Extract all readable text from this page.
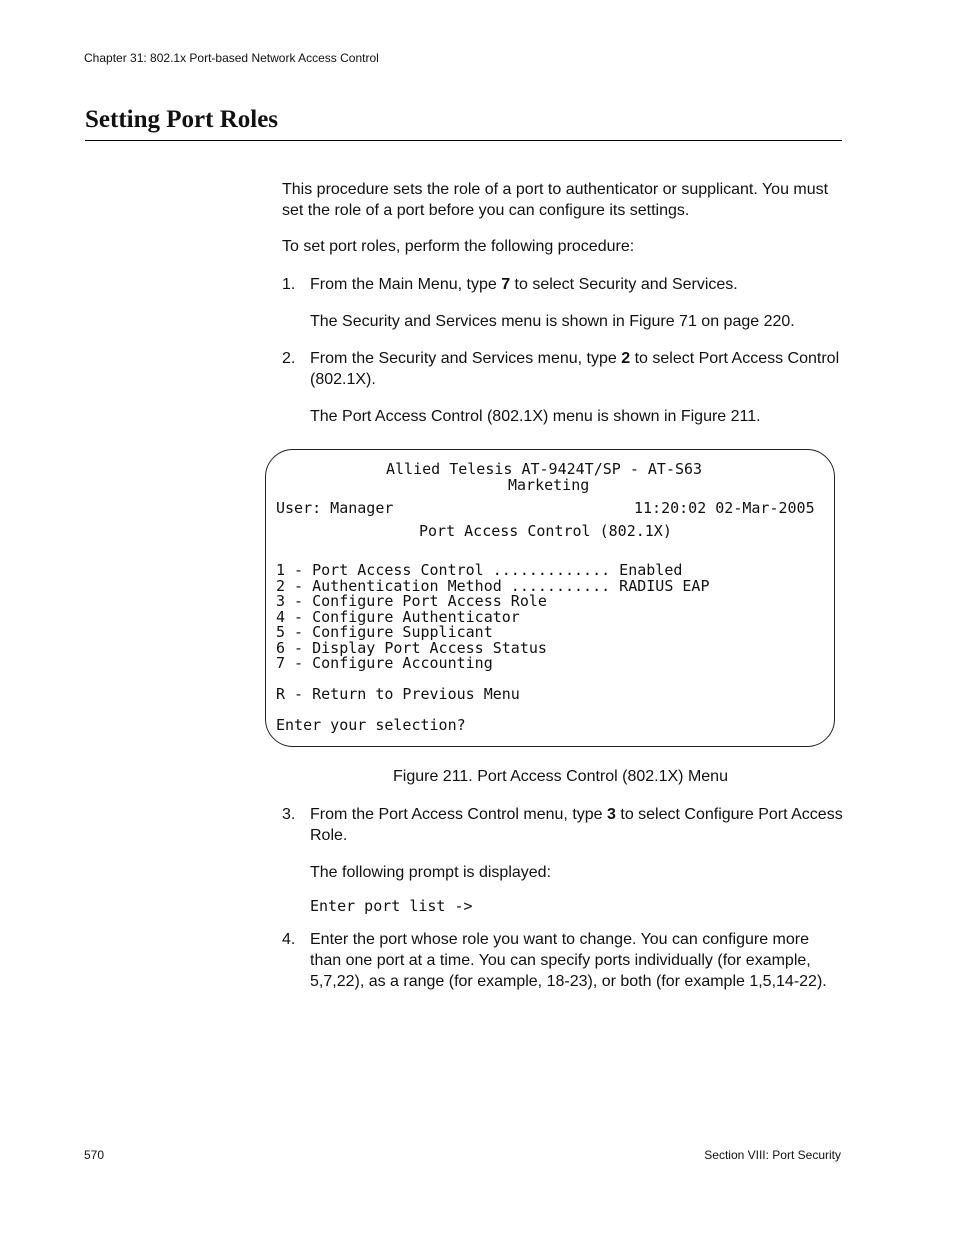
Chapter 31: 802.1x Port-based Network Access Control
Setting Port Roles

This procedure sets the role of a port to authenticator or supplicant. You must set the role of a port before you can configure its settings.

To set port roles, perform the following procedure:

1. From the Main Menu, type 7 to select Security and Services.
The Security and Services menu is shown in Figure 71 on page 220.
2. From the Security and Services menu, type 2 to select Port Access Control (802.1X).
The Port Access Control (802.1X) menu is shown in Figure 211.
Allied Telesis AT-9424T/SP - AT-S63
Marketing
User: Manager	11:20:02 02-Mar-2005
Port Access Control (802.1X)
1 - Port Access Control ............. Enabled
2 - Authentication Method ........... RADIUS EAP
3 - Configure Port Access Role
4 - Configure Authenticator
5 - Configure Supplicant
6 - Display Port Access Status
7 - Configure Accounting
R - Return to Previous Menu
Enter your selection?
Figure 211. Port Access Control (802.1X) Menu
3. From the Port Access Control menu, type 3 to select Configure Port Access Role.
The following prompt is displayed:
Enter port list ->
4. Enter the port whose role you want to change. You can configure more than one port at a time. You can specify ports individually (for example, 5,7,22), as a range (for example, 18-23), or both (for example 1,5,14-22).
570	Section VIII: Port Security
